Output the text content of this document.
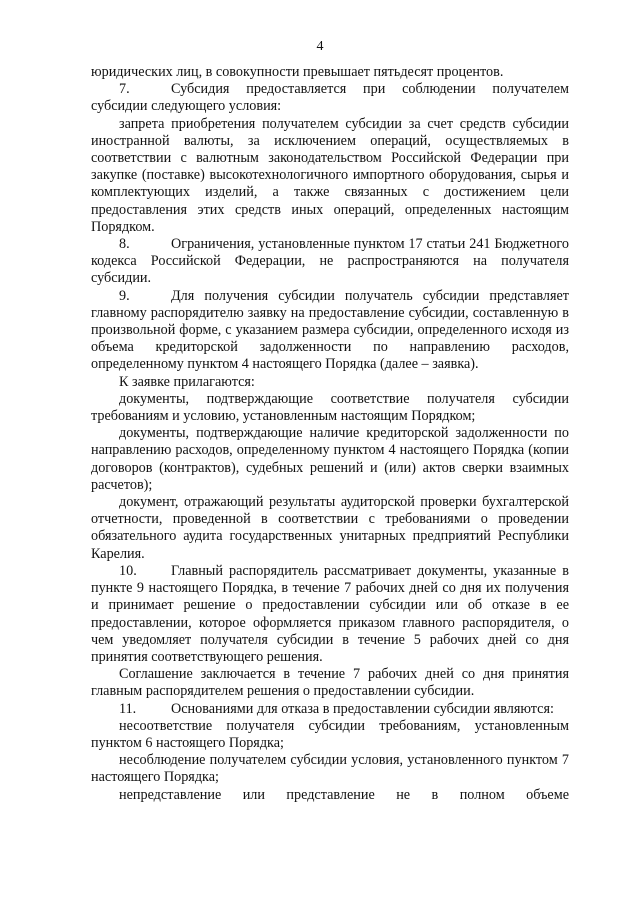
4

юридических лиц, в совокупности превышает пятьдесят процентов.

7.	Субсидия предоставляется при соблюдении получателем субсидии следующего условия:

запрета приобретения получателем субсидии за счет средств субсидии иностранной валюты, за исключением операций, осуществляемых в соответствии с валютным законодательством Российской Федерации при закупке (поставке) высокотехнологичного импортного оборудования, сырья и комплектующих изделий, а также связанных с достижением цели предоставления этих средств иных операций, определенных настоящим Порядком.

8.	Ограничения, установленные пунктом 17 статьи 241 Бюджетного кодекса Российской Федерации, не распространяются на получателя субсидии.

9.	Для получения субсидии получатель субсидии представляет главному распорядителю заявку на предоставление субсидии, составленную в произвольной форме, с указанием размера субсидии, определенного исходя из объема кредиторской задолженности по направлению расходов, определенному пунктом 4 настоящего Порядка (далее – заявка).

К заявке прилагаются:

документы, подтверждающие соответствие получателя субсидии требованиям и условию, установленным настоящим Порядком;

документы, подтверждающие наличие кредиторской задолженности по направлению расходов, определенному пунктом 4 настоящего Порядка (копии договоров (контрактов), судебных решений и (или) актов сверки взаимных расчетов);

документ, отражающий результаты аудиторской проверки бухгалтерской отчетности, проведенной в соответствии с требованиями о проведении обязательного аудита государственных унитарных предприятий Республики Карелия.

10. Главный распорядитель рассматривает документы, указанные в пункте 9 настоящего Порядка, в течение 7 рабочих дней со дня их получения и принимает решение о предоставлении субсидии или об отказе в ее предоставлении, которое оформляется приказом главного распорядителя, о чем уведомляет получателя субсидии в течение 5 рабочих дней со дня принятия соответствующего решения.

Соглашение заключается в течение 7 рабочих дней со дня принятия главным распорядителем решения о предоставлении субсидии.

11. Основаниями для отказа в предоставлении субсидии являются:

несоответствие получателя субсидии требованиям, установленным пунктом 6 настоящего Порядка;

несоблюдение получателем субсидии условия, установленного пунктом 7 настоящего Порядка;

непредставление или представление не в полном объеме
